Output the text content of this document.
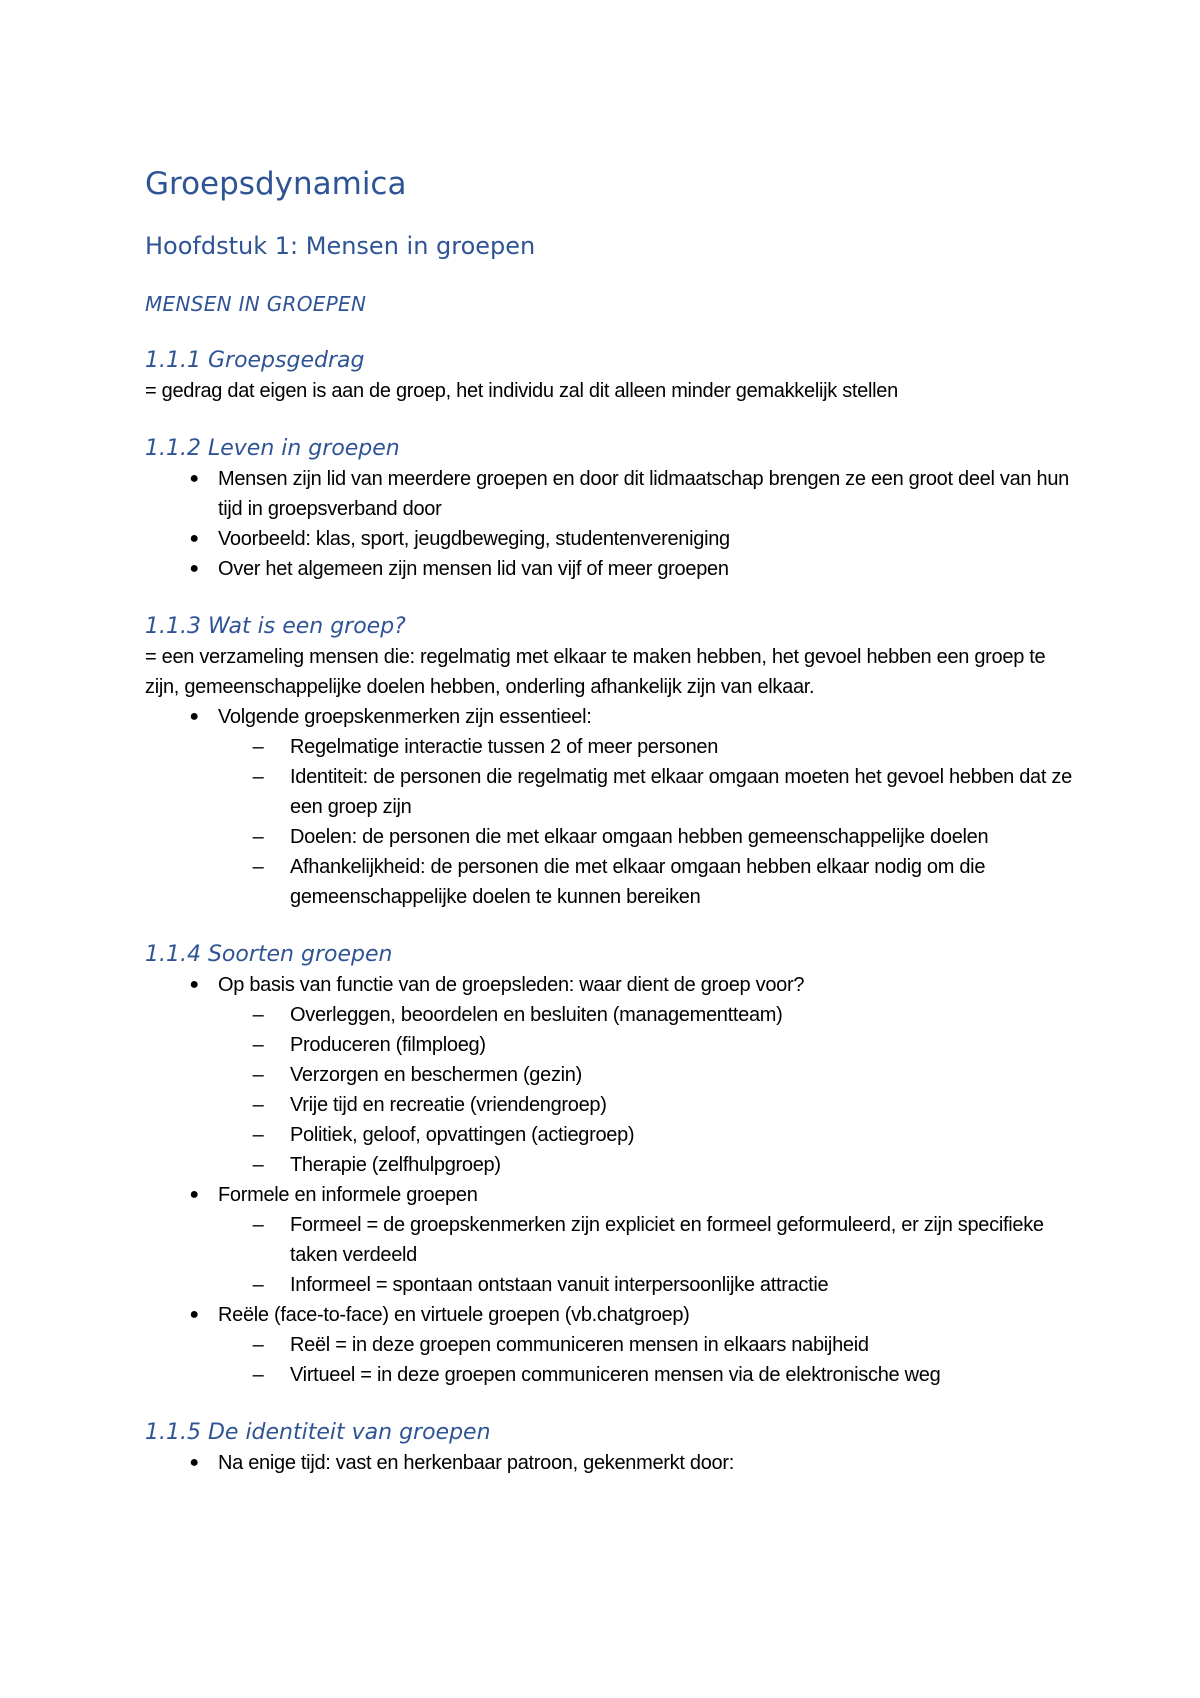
Groepsdynamica
Hoofdstuk 1: Mensen in groepen
MENSEN IN GROEPEN
1.1.1 Groepsgedrag

= gedrag dat eigen is aan de groep, het individu zal dit alleen minder gemakkelijk stellen

1.1.2 Leven in groepen
● Mensen zijn lid van meerdere groepen en door dit lidmaatschap brengen ze een groot deel van hun tijd in groepsverband door
● Voorbeeld: klas, sport, jeugdbeweging, studentenvereniging
● Over het algemeen zijn mensen lid van vijf of meer groepen
1.1.3 Wat is een groep?

= een verzameling mensen die: regelmatig met elkaar te maken hebben, het gevoel hebben een groep te zijn, gemeenschappelijke doelen hebben, onderling afhankelijk zijn van elkaar.

● Volgende groepskenmerken zijn essentieel:
– Regelmatige interactie tussen 2 of meer personen
– Identiteit: de personen die regelmatig met elkaar omgaan moeten het gevoel hebben dat ze een groep zijn
– Doelen: de personen die met elkaar omgaan hebben gemeenschappelijke doelen
– Afhankelijkheid: de personen die met elkaar omgaan hebben elkaar nodig om die gemeenschappelijke doelen te kunnen bereiken
1.1.4 Soorten groepen
● Op basis van functie van de groepsleden: waar dient de groep voor?
– Overleggen, beoordelen en besluiten (managementteam)
– Produceren (filmploeg)
– Verzorgen en beschermen (gezin)
– Vrije tijd en recreatie (vriendengroep)
– Politiek, geloof, opvattingen (actiegroep)
– Therapie (zelfhulpgroep)
● Formele en informele groepen
– Formeel = de groepskenmerken zijn expliciet en formeel geformuleerd, er zijn specifieke taken verdeeld
– Informeel = spontaan ontstaan vanuit interpersoonlijke attractie
● Reële (face-to-face) en virtuele groepen (vb.chatgroep)
– Reël = in deze groepen communiceren mensen in elkaars nabijheid
– Virtueel = in deze groepen communiceren mensen via de elektronische weg
1.1.5 De identiteit van groepen
● Na enige tijd: vast en herkenbaar patroon, gekenmerkt door:
